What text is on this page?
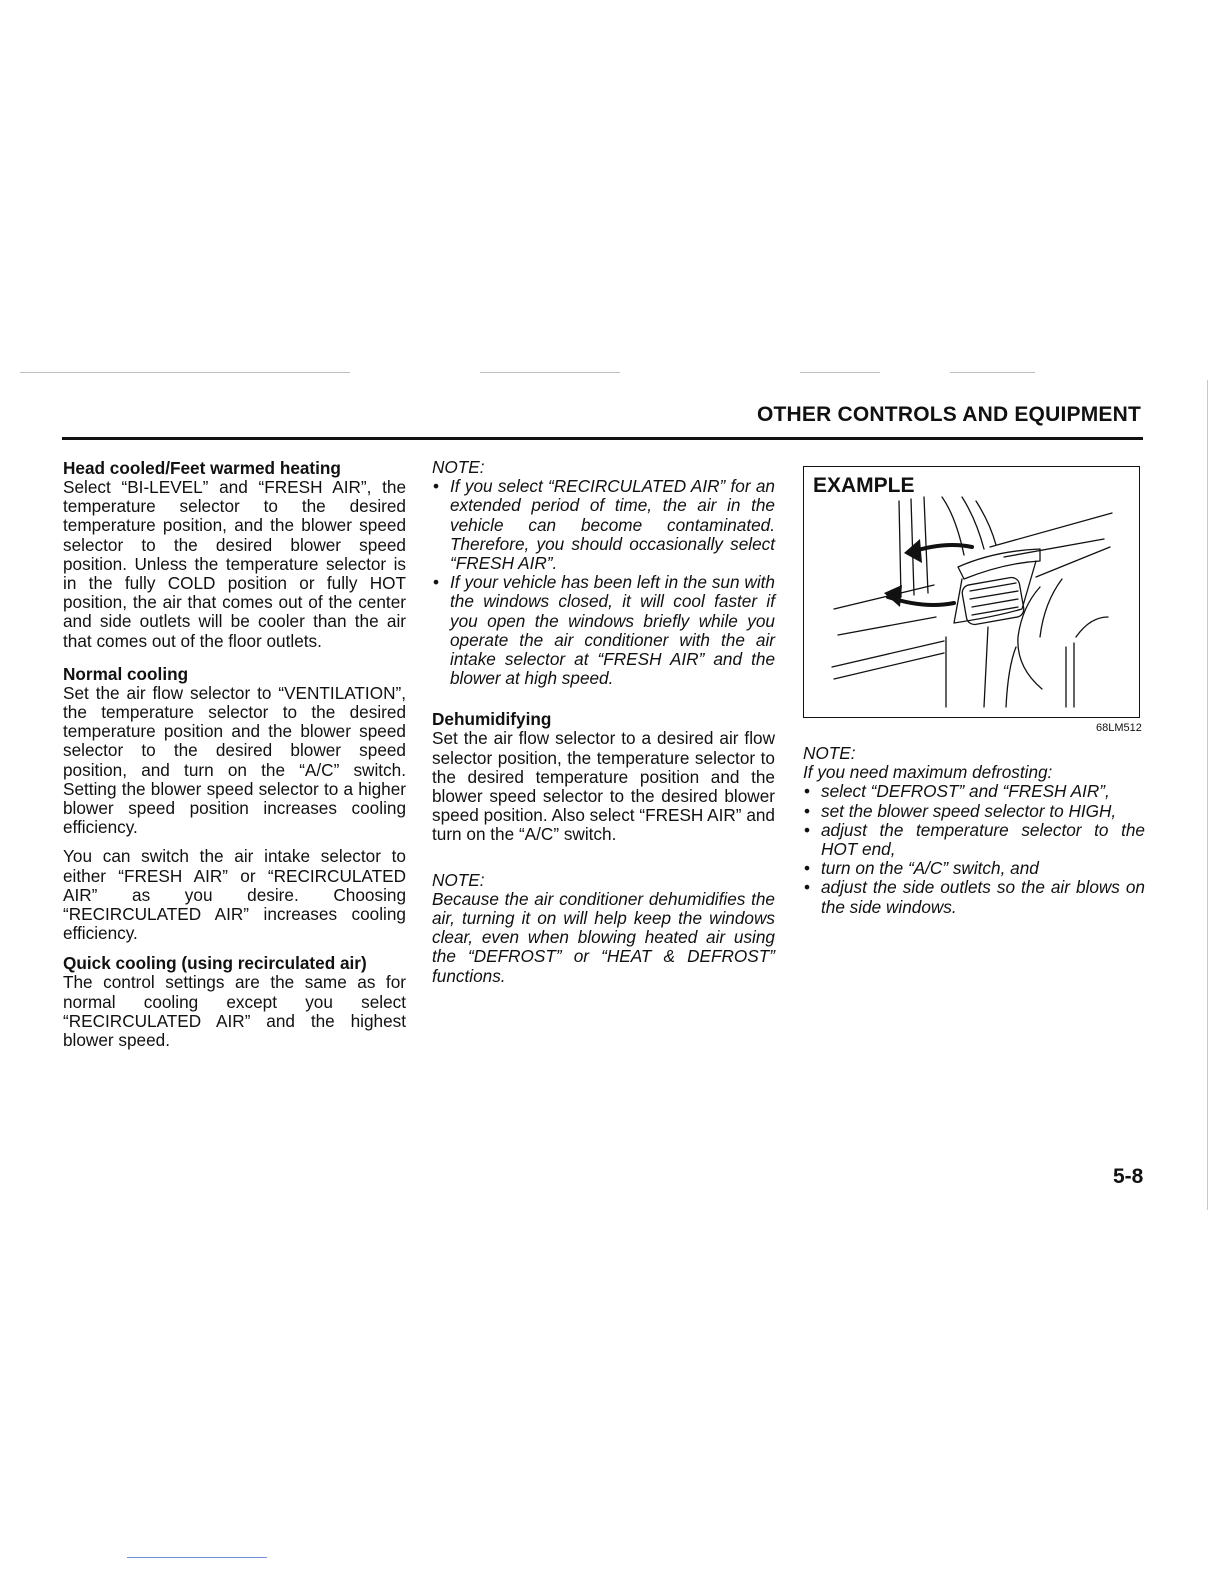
OTHER CONTROLS AND EQUIPMENT
Head cooled/Feet warmed heating

Select “BI-LEVEL” and “FRESH AIR”, the temperature selector to the desired temperature position, and the blower speed selector to the desired blower speed position. Unless the temperature selector is in the fully COLD position or fully HOT position, the air that comes out of the center and side outlets will be cooler than the air that comes out of the floor outlets.

Normal cooling

Set the air flow selector to “VENTILATION”, the temperature selector to the desired temperature position and the blower speed selector to the desired blower speed position, and turn on the “A/C” switch. Setting the blower speed selector to a higher blower speed position increases cooling efficiency.

You can switch the air intake selector to either “FRESH AIR” or “RECIRCULATED AIR” as you desire. Choosing “RECIRCULATED AIR” increases cooling efficiency.

Quick cooling (using recirculated air)

The control settings are the same as for normal cooling except you select “RECIRCULATED AIR” and the highest blower speed.

NOTE:

• If you select “RECIRCULATED AIR” for an extended period of time, the air in the vehicle can become contaminated. Therefore, you should occasionally select “FRESH AIR”.
• If your vehicle has been left in the sun with the windows closed, it will cool faster if you open the windows briefly while you operate the air conditioner with the air intake selector at “FRESH AIR” and the blower at high speed.
Dehumidifying

Set the air flow selector to a desired air flow selector position, the temperature selector to the desired temperature position and the blower speed selector to the desired blower speed position. Also select “FRESH AIR” and turn on the “A/C” switch.

NOTE:

Because the air conditioner dehumidifies the air, turning it on will help keep the windows clear, even when blowing heated air using the “DEFROST” or “HEAT & DEFROST” functions.

EXAMPLE
68LM512

NOTE:

If you need maximum defrosting:

• select “DEFROST” and “FRESH AIR”,
• set the blower speed selector to HIGH,
• adjust the temperature selector to the HOT end,
• turn on the “A/C” switch, and
• adjust the side outlets so the air blows on the side windows.
5-8
